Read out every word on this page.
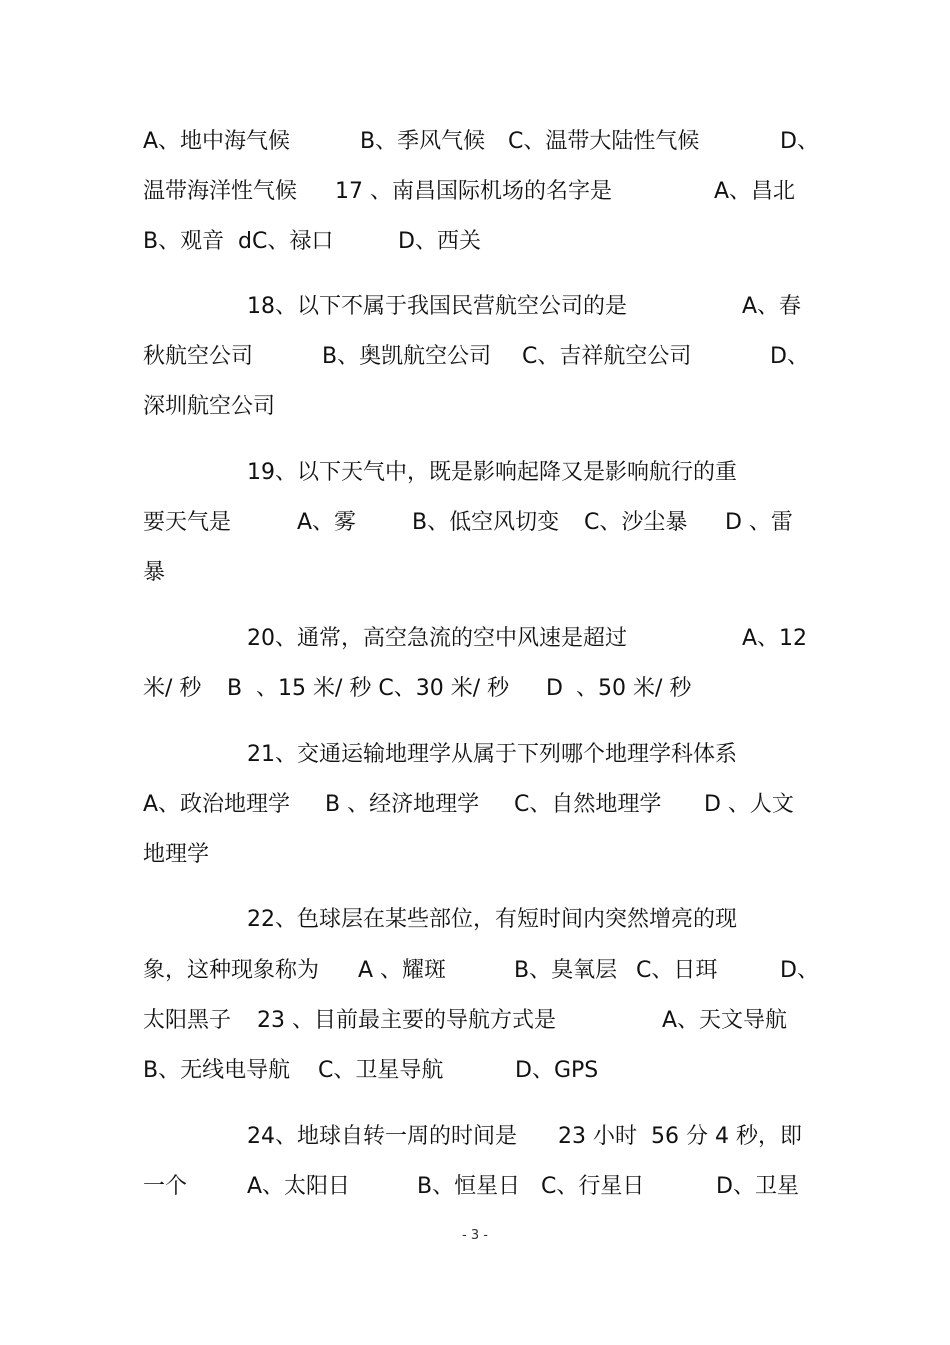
A、地中海气候	B、季风气候 C、温带大陆性气候	D、
温带海洋性气候 17 、南昌国际机场的名字是	A、昌北
B、观音 dC、禄口	D、西关
18、以下不属于我国民营航空公司的是	A、春
秋航空公司	B、奥凯航空公司 C、吉祥航空公司	D、
深圳航空公司
19、以下天气中，既是影响起降又是影响航行的重
要天气是	A、雾	B、低空风切变 C、沙尘暴 D 、雷
暴
20、通常，高空急流的空中风速是超过	A、12
米/ 秒 B 、15 米/ 秒 C、30 米/ 秒 D 、50 米/ 秒
21、交通运输地理学从属于下列哪个地理学科体系
A、政治地理学 B 、经济地理学 C、自然地理学 D 、人文
地理学
22、色球层在某些部位，有短时间内突然增亮的现
象，这种现象称为 A 、耀斑	B、臭氧层 C、日珥	D、
太阳黑子 23 、目前最主要的导航方式是	A、天文导航
B、无线电导航 C、卫星导航	D、GPS
24、地球自转一周的时间是 23 小时  56 分 4 秒，即
一个	A、太阳日	B、恒星日 C、行星日	D、卫星
- 3 -
